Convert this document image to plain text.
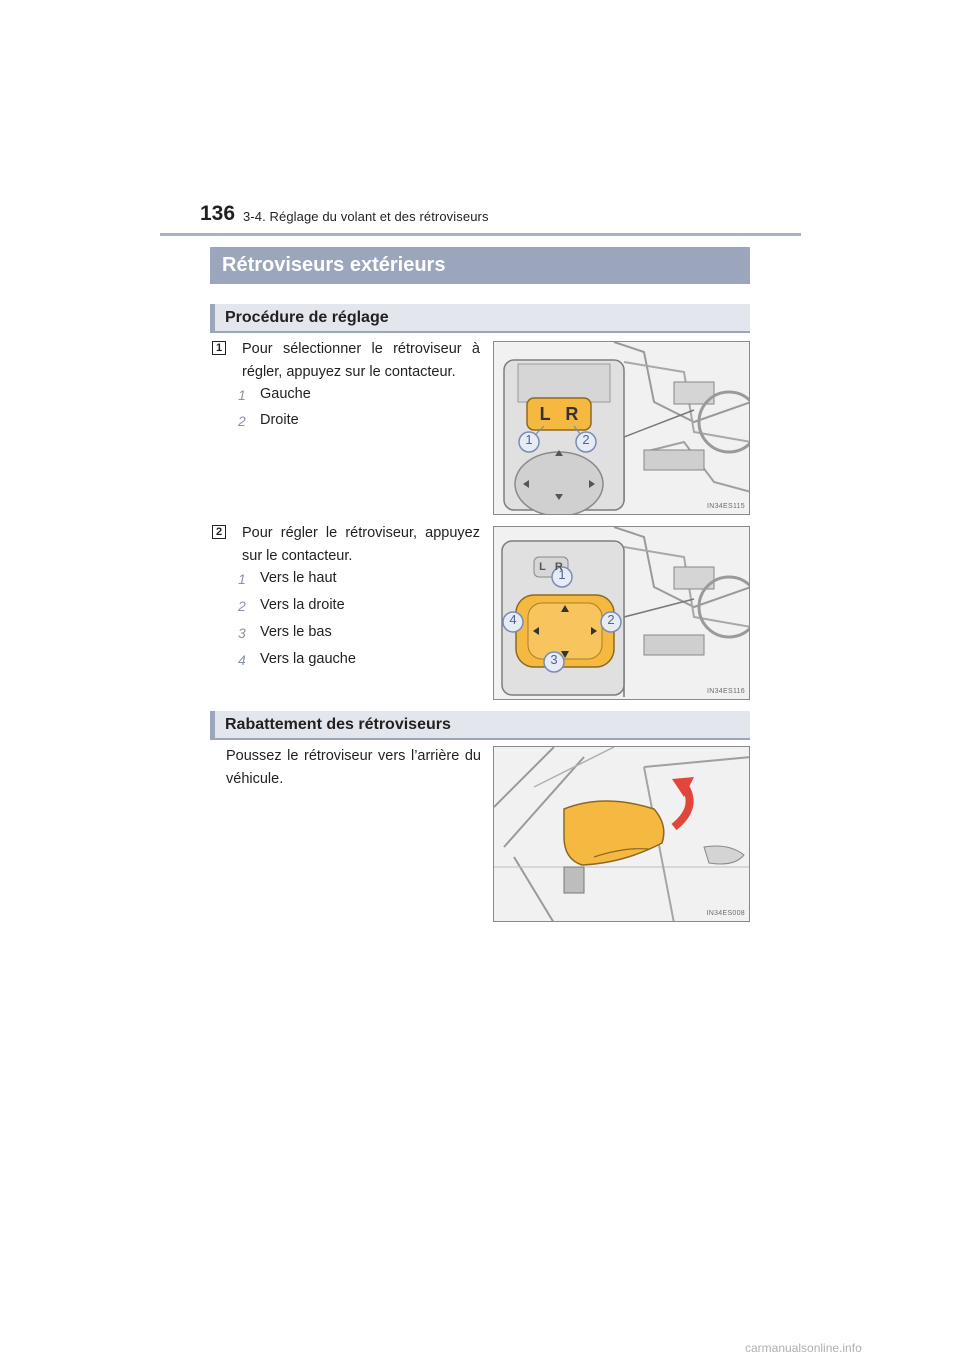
136 3-4. Réglage du volant et des rétroviseurs
Rétroviseurs extérieurs
Procédure de réglage
1 Pour sélectionner le rétroviseur à régler, appuyez sur le contacteur.
1 Gauche
2 Droite	L   R
1	2
IN34ES115
2 Pour régler le rétroviseur, appuyez sur le contacteur.
1 Vers le haut
2 Vers la droite
3 Vers le bas
4 Vers la gauche
L   R
1
2
3
4
IN34ES116
Rabattement des rétroviseurs
Poussez le rétroviseur vers l’arrière du véhicule.
IN34ES008
carmanualsonline.info
